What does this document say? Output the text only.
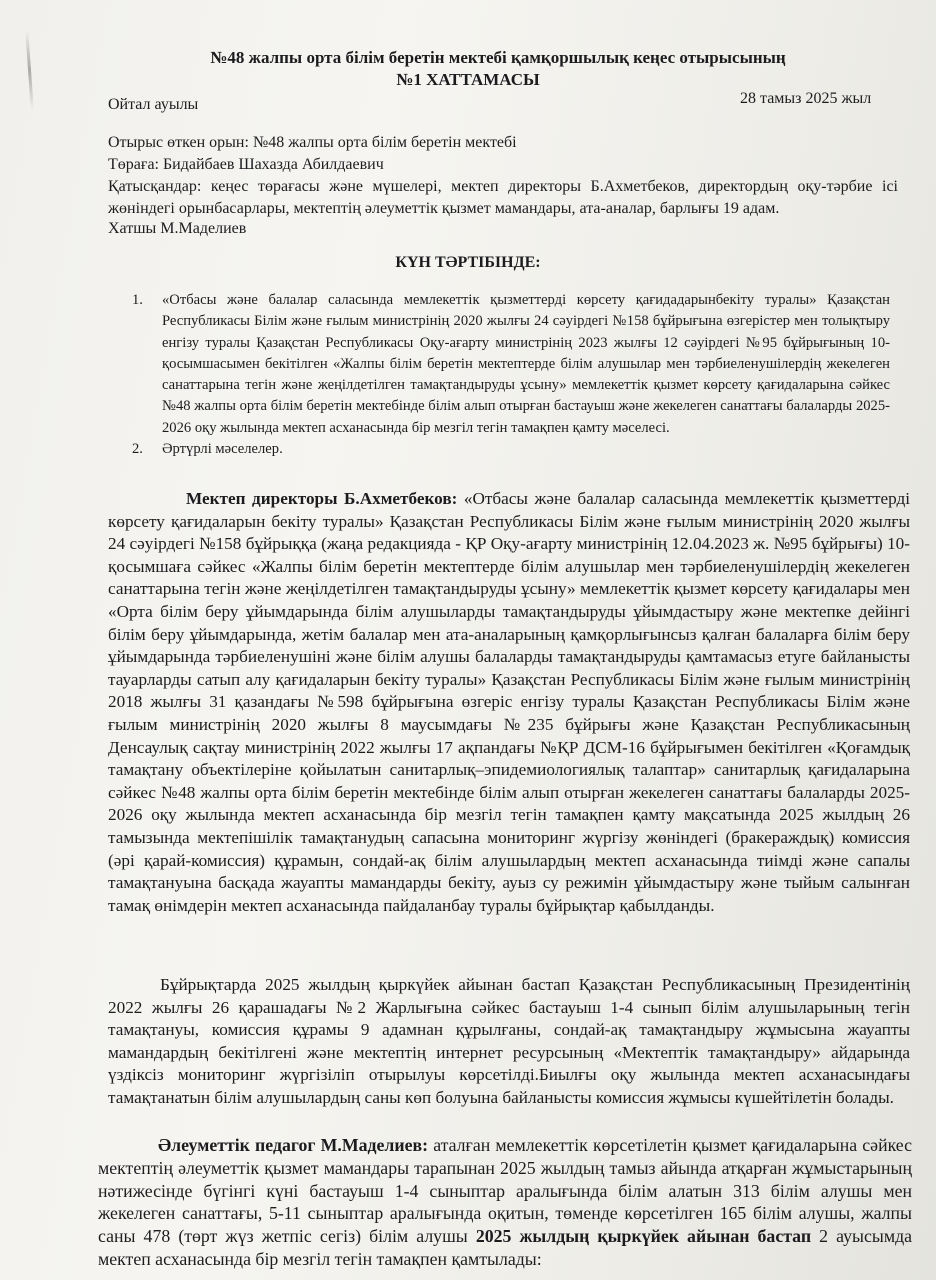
№48 жалпы орта білім беретін мектебі қамқоршылық кеңес отырысының
№1 ХАТТАМАСЫ
Ойтал ауылы	28 тамыз 2025 жыл
Отырыс өткен орын: №48 жалпы орта білім беретін мектебі
Төраға: Бидайбаев Шахазда Абилдаевич
Қатысқандар: кеңес төрағасы және мүшелері, мектеп директоры Б.Ахметбеков, директордың оқу-тәрбие ісі жөніндегі орынбасарлары, мектептің әлеуметтік қызмет мамандары, ата-аналар, барлығы 19 адам.
Хатшы М.Мaделиев
КҮН ТӘРТІБІНДЕ:
1.	«Отбасы және балалар саласында мемлекеттік қызметтерді көрсету қағидадарынбекіту туралы» Қазақстан Республикасы Білім және ғылым министрінің 2020 жылғы 24 сәуірдегі №158 бұйрығына өзгерістер мен толықтыру енгізу туралы Қазақстан Республикасы Оқу-ағарту министрінің 2023 жылғы 12 сәуірдегі №95 бұйрығының 10-қосымшасымен бекітілген «Жалпы білім беретін мектептерде білім алушылар мен тәрбиеленушілердің жекелеген санаттарына тегін және жеңілдетілген тамақтандыруды ұсыну» мемлекеттік қызмет көрсету қағидаларына сәйкес №48 жалпы орта білім беретін мектебінде білім алып отырған бастауыш және жекелеген санаттағы балаларды 2025-2026 оқу жылында мектеп асханасында бір мезгіл тегін тамақпен қамту мәселесі.
2.	Әртүрлі мәселелер.
Мектеп директоры Б.Ахметбеков: «Отбасы және балалар саласында мемлекеттік қызметтерді көрсету қағидаларын бекіту туралы» Қазақстан Республикасы Білім және ғылым министрінің 2020 жылғы 24 сәуірдегі №158 бұйрыққа (жаңа редакцияда - ҚР Оқу-ағарту министрінің 12.04.2023 ж. №95 бұйрығы) 10-қосымшаға сәйкес «Жалпы білім беретін мектептерде білім алушылар мен тәрбиеленушілердің жекелеген санаттарына тегін және жеңілдетілген тамақтандыруды ұсыну» мемлекеттік қызмет көрсету қағидалары мен «Орта білім беру ұйымдарында білім алушыларды тамақтандыруды ұйымдастыру және мектепке дейінгі білім беру ұйымдарында, жетім балалар мен ата-аналарының қамқорлығынсыз қалған балаларға білім беру ұйымдарында тәрбиеленушіні және білім алушы балаларды тамақтандыруды қамтамасыз етуге байланысты тауарларды сатып алу қағидаларын бекіту туралы» Қазақстан Республикасы Білім және ғылым министрінің 2018 жылғы 31 қазандағы №598 бұйрығына өзгеріс енгізу туралы Қазақстан Республикасы Білім және ғылым министрінің 2020 жылғы 8 маусымдағы №235 бұйрығы және Қазақстан Республикасының Денсаулық сақтау министрінің 2022 жылғы 17 ақпандағы №ҚР ДСМ-16 бұйрығымен бекітілген «Қоғамдық тамақтану объектілеріне қойылатын санитарлық–эпидемиологиялық талаптар» санитарлық қағидаларына сәйкес №48 жалпы орта білім беретін мектебінде білім алып отырған жекелеген санаттағы балаларды 2025-2026 оқу жылында мектеп асханасында бір мезгіл тегін тамақпен қамту мақсатында 2025 жылдың 26 тамызында мектепішілік тамақтанудың сапасына мониторинг жүргізу жөніндегі (бракераждық) комиссия (әрі қарай-комиссия) құрамын, сондай-ақ білім алушылардың мектеп асханасында тиімді және сапалы тамақтануына басқада жауапты мамандарды бекіту, ауыз су режимін ұйымдастыру және тыйым салынған тамақ өнімдерін мектеп асханасында пайдаланбау туралы бұйрықтар қабылданды.
Бұйрықтарда 2025 жылдың қыркүйек айынан бастап Қазақстан Республикасының Президентінің 2022 жылғы 26 қарашадағы №2 Жарлығына сәйкес бастауыш 1-4 сынып білім алушыларының тегін тамақтануы, комиссия құрамы 9 адамнан құрылғаны, сондай-ақ тамақтандыру жұмысына жауапты мамандардың бекітілгені және мектептің интернет ресурсының «Мектептік тамақтандыру» айдарында үздіксіз мониторинг жүргізіліп отырылуы көрсетілді.Биылғы оқу жылында мектеп асханасындағы тамақтанатын білім алушылардың саны көп болуына байланысты комиссия жұмысы күшейтілетін болады.
Әлеуметтік педагог М.Маделиев: аталған мемлекеттік көрсетілетін қызмет қағидаларына сәйкес мектептің әлеуметтік қызмет мамандары тарапынан 2025 жылдың тамыз айында атқарған жұмыстарының нәтижесінде бүгінгі күні бастауыш 1-4 сыныптар аралығында білім алатын 313 білім алушы мен жекелеген санаттағы, 5-11 сыныптар аралығында оқитын, төменде көрсетілген 165 білім алушы, жалпы саны 478 (төрт жүз жетпіс сегіз) білім алушы 2025 жылдың қыркүйек айынан бастап 2 ауысымда мектеп асханасында бір мезгіл тегін тамақпен қамтылады:
